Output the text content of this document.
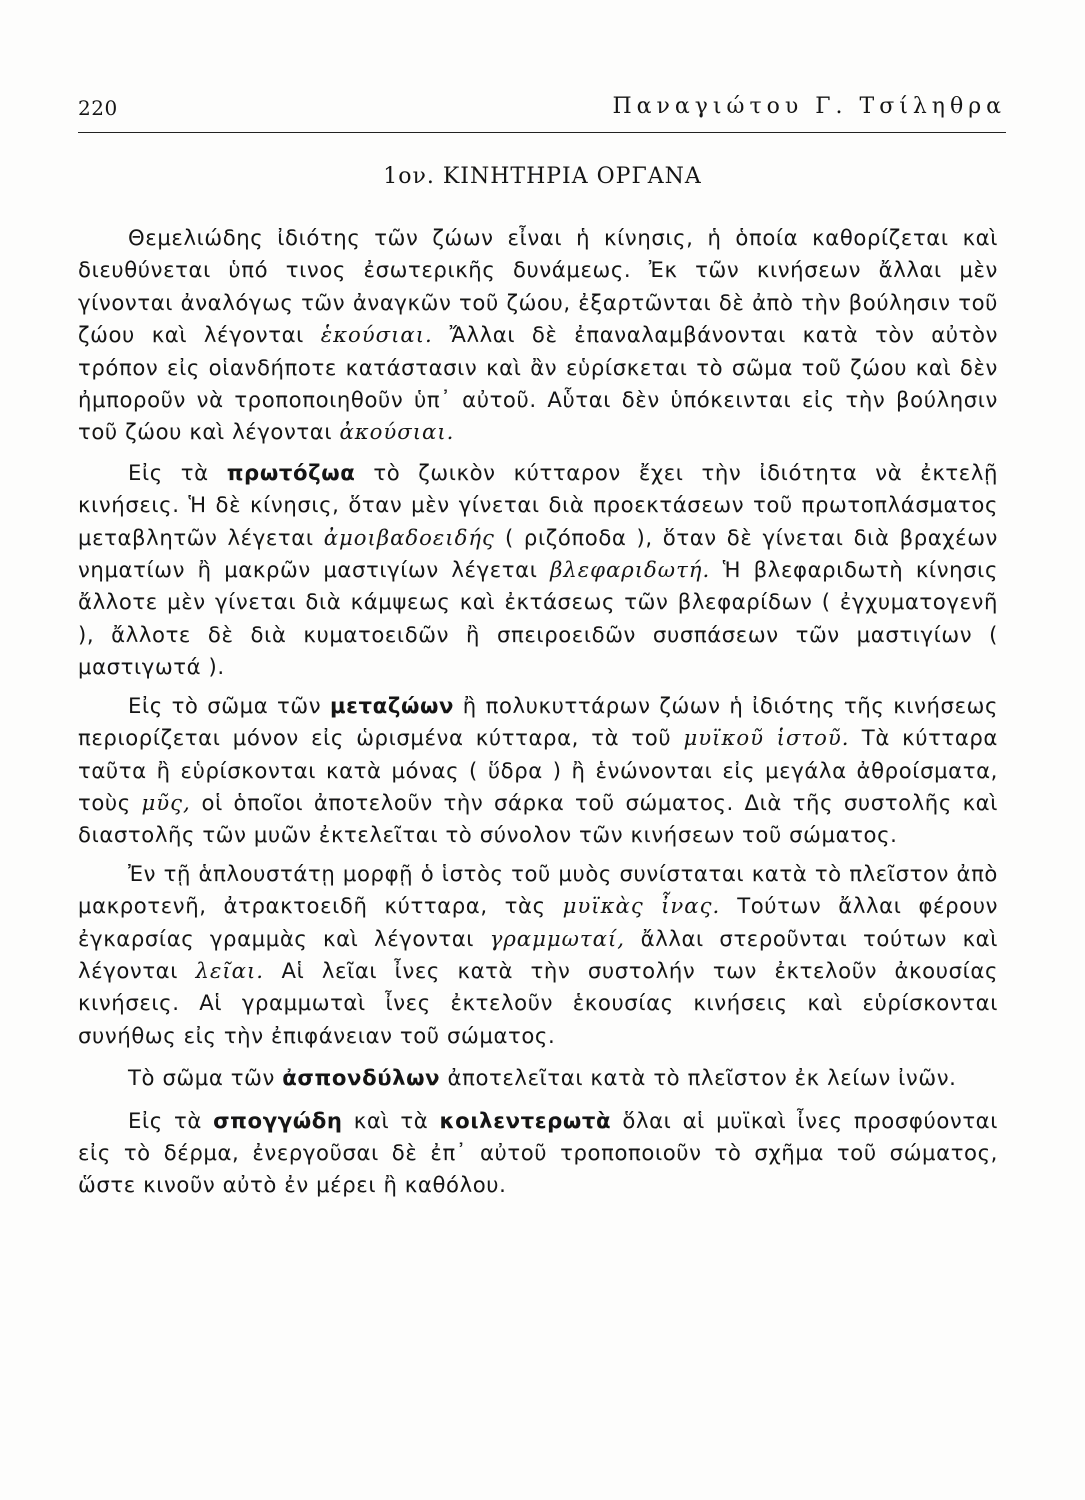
220	Παναγιώτου Γ. Τσίληθρα
1ον. ΚΙΝΗΤΗΡΙΑ ΟΡΓΑΝΑ

Θεμελιώδης ἰδιότης τῶν ζώων εἶναι ἡ κίνησις, ἡ ὁποία καθορίζεται καὶ διευθύνεται ὑπό τινος ἐσωτερικῆς δυνάμεως. Ἐκ τῶν κινήσεων ἄλλαι μὲν γίνονται ἀναλόγως τῶν ἀναγκῶν τοῦ ζώου, ἐξαρτῶνται δὲ ἀπὸ τὴν βούλησιν τοῦ ζώου καὶ λέγονται ἑκούσιαι. Ἄλλαι δὲ ἐπαναλαμβάνονται κατὰ τὸν αὐτὸν τρόπον εἰς οἱανδήποτε κατάστασιν καὶ ἂν εὑρίσκεται τὸ σῶμα τοῦ ζώου καὶ δὲν ἠμποροῦν νὰ τροποποιηθοῦν ὑπ᾽ αὐτοῦ. Αὗται δὲν ὑπόκεινται εἰς τὴν βούλησιν τοῦ ζώου καὶ λέγονται ἀκούσιαι.

Εἰς τὰ πρωτόζωα τὸ ζωικὸν κύτταρον ἔχει τὴν ἰδιότητα νὰ ἐκτελῇ κινήσεις. Ἡ δὲ κίνησις, ὅταν μὲν γίνεται διὰ προεκτάσεων τοῦ πρωτοπλάσματος μεταβλητῶν λέγεται ἀμοιβαδοειδής ( ριζόποδα ), ὅταν δὲ γίνεται διὰ βραχέων νηματίων ἢ μακρῶν μαστιγίων λέγεται βλεφαριδωτή. Ἡ βλεφαριδωτὴ κίνησις ἄλλοτε μὲν γίνεται διὰ κάμψεως καὶ ἐκτάσεως τῶν βλεφαρίδων ( ἐγχυματογενῆ ), ἄλλοτε δὲ διὰ κυματοειδῶν ἢ σπειροειδῶν συσπάσεων τῶν μαστιγίων ( μαστιγωτά ).

Εἰς τὸ σῶμα τῶν μεταζώων ἢ πολυκυττάρων ζώων ἡ ἰδιότης τῆς κινήσεως περιορίζεται μόνον εἰς ὡρισμένα κύτταρα, τὰ τοῦ μυϊκοῦ ἱστοῦ. Τὰ κύτταρα ταῦτα ἢ εὑρίσκονται κατὰ μόνας ( ὕδρα ) ἢ ἑνώνονται εἰς μεγάλα ἀθροίσματα, τοὺς μῦς, οἱ ὁποῖοι ἀποτελοῦν τὴν σάρκα τοῦ σώματος. Διὰ τῆς συστολῆς καὶ διαστολῆς τῶν μυῶν ἐκτελεῖται τὸ σύνολον τῶν κινήσεων τοῦ σώματος.

Ἐν τῇ ἁπλουστάτῃ μορφῇ ὁ ἱστὸς τοῦ μυὸς συνίσταται κατὰ τὸ πλεῖστον ἀπὸ μακροτενῆ, ἀτρακτοειδῆ κύτταρα, τὰς μυϊκὰς ἶνας. Τούτων ἄλλαι φέρουν ἐγκαρσίας γραμμὰς καὶ λέγονται γραμμωταί, ἄλλαι στεροῦνται τούτων καὶ λέγονται λεῖαι. Αἱ λεῖαι ἶνες κατὰ τὴν συστολήν των ἐκτελοῦν ἀκουσίας κινήσεις. Αἱ γραμμωταὶ ἶνες ἐκτελοῦν ἑκουσίας κινήσεις καὶ εὑρίσκονται συνήθως εἰς τὴν ἐπιφάνειαν τοῦ σώματος.

Τὸ σῶμα τῶν ἀσπονδύλων ἀποτελεῖται κατὰ τὸ πλεῖστον ἐκ λείων ἰνῶν.

Εἰς τὰ σπογγώδη καὶ τὰ κοιλεντερωτὰ ὅλαι αἱ μυϊκαὶ ἶνες προσφύονται εἰς τὸ δέρμα, ἐνεργοῦσαι δὲ ἐπ᾽ αὐτοῦ τροποποιοῦν τὸ σχῆμα τοῦ σώματος, ὥστε κινοῦν αὐτὸ ἐν μέρει ἢ καθόλου.
